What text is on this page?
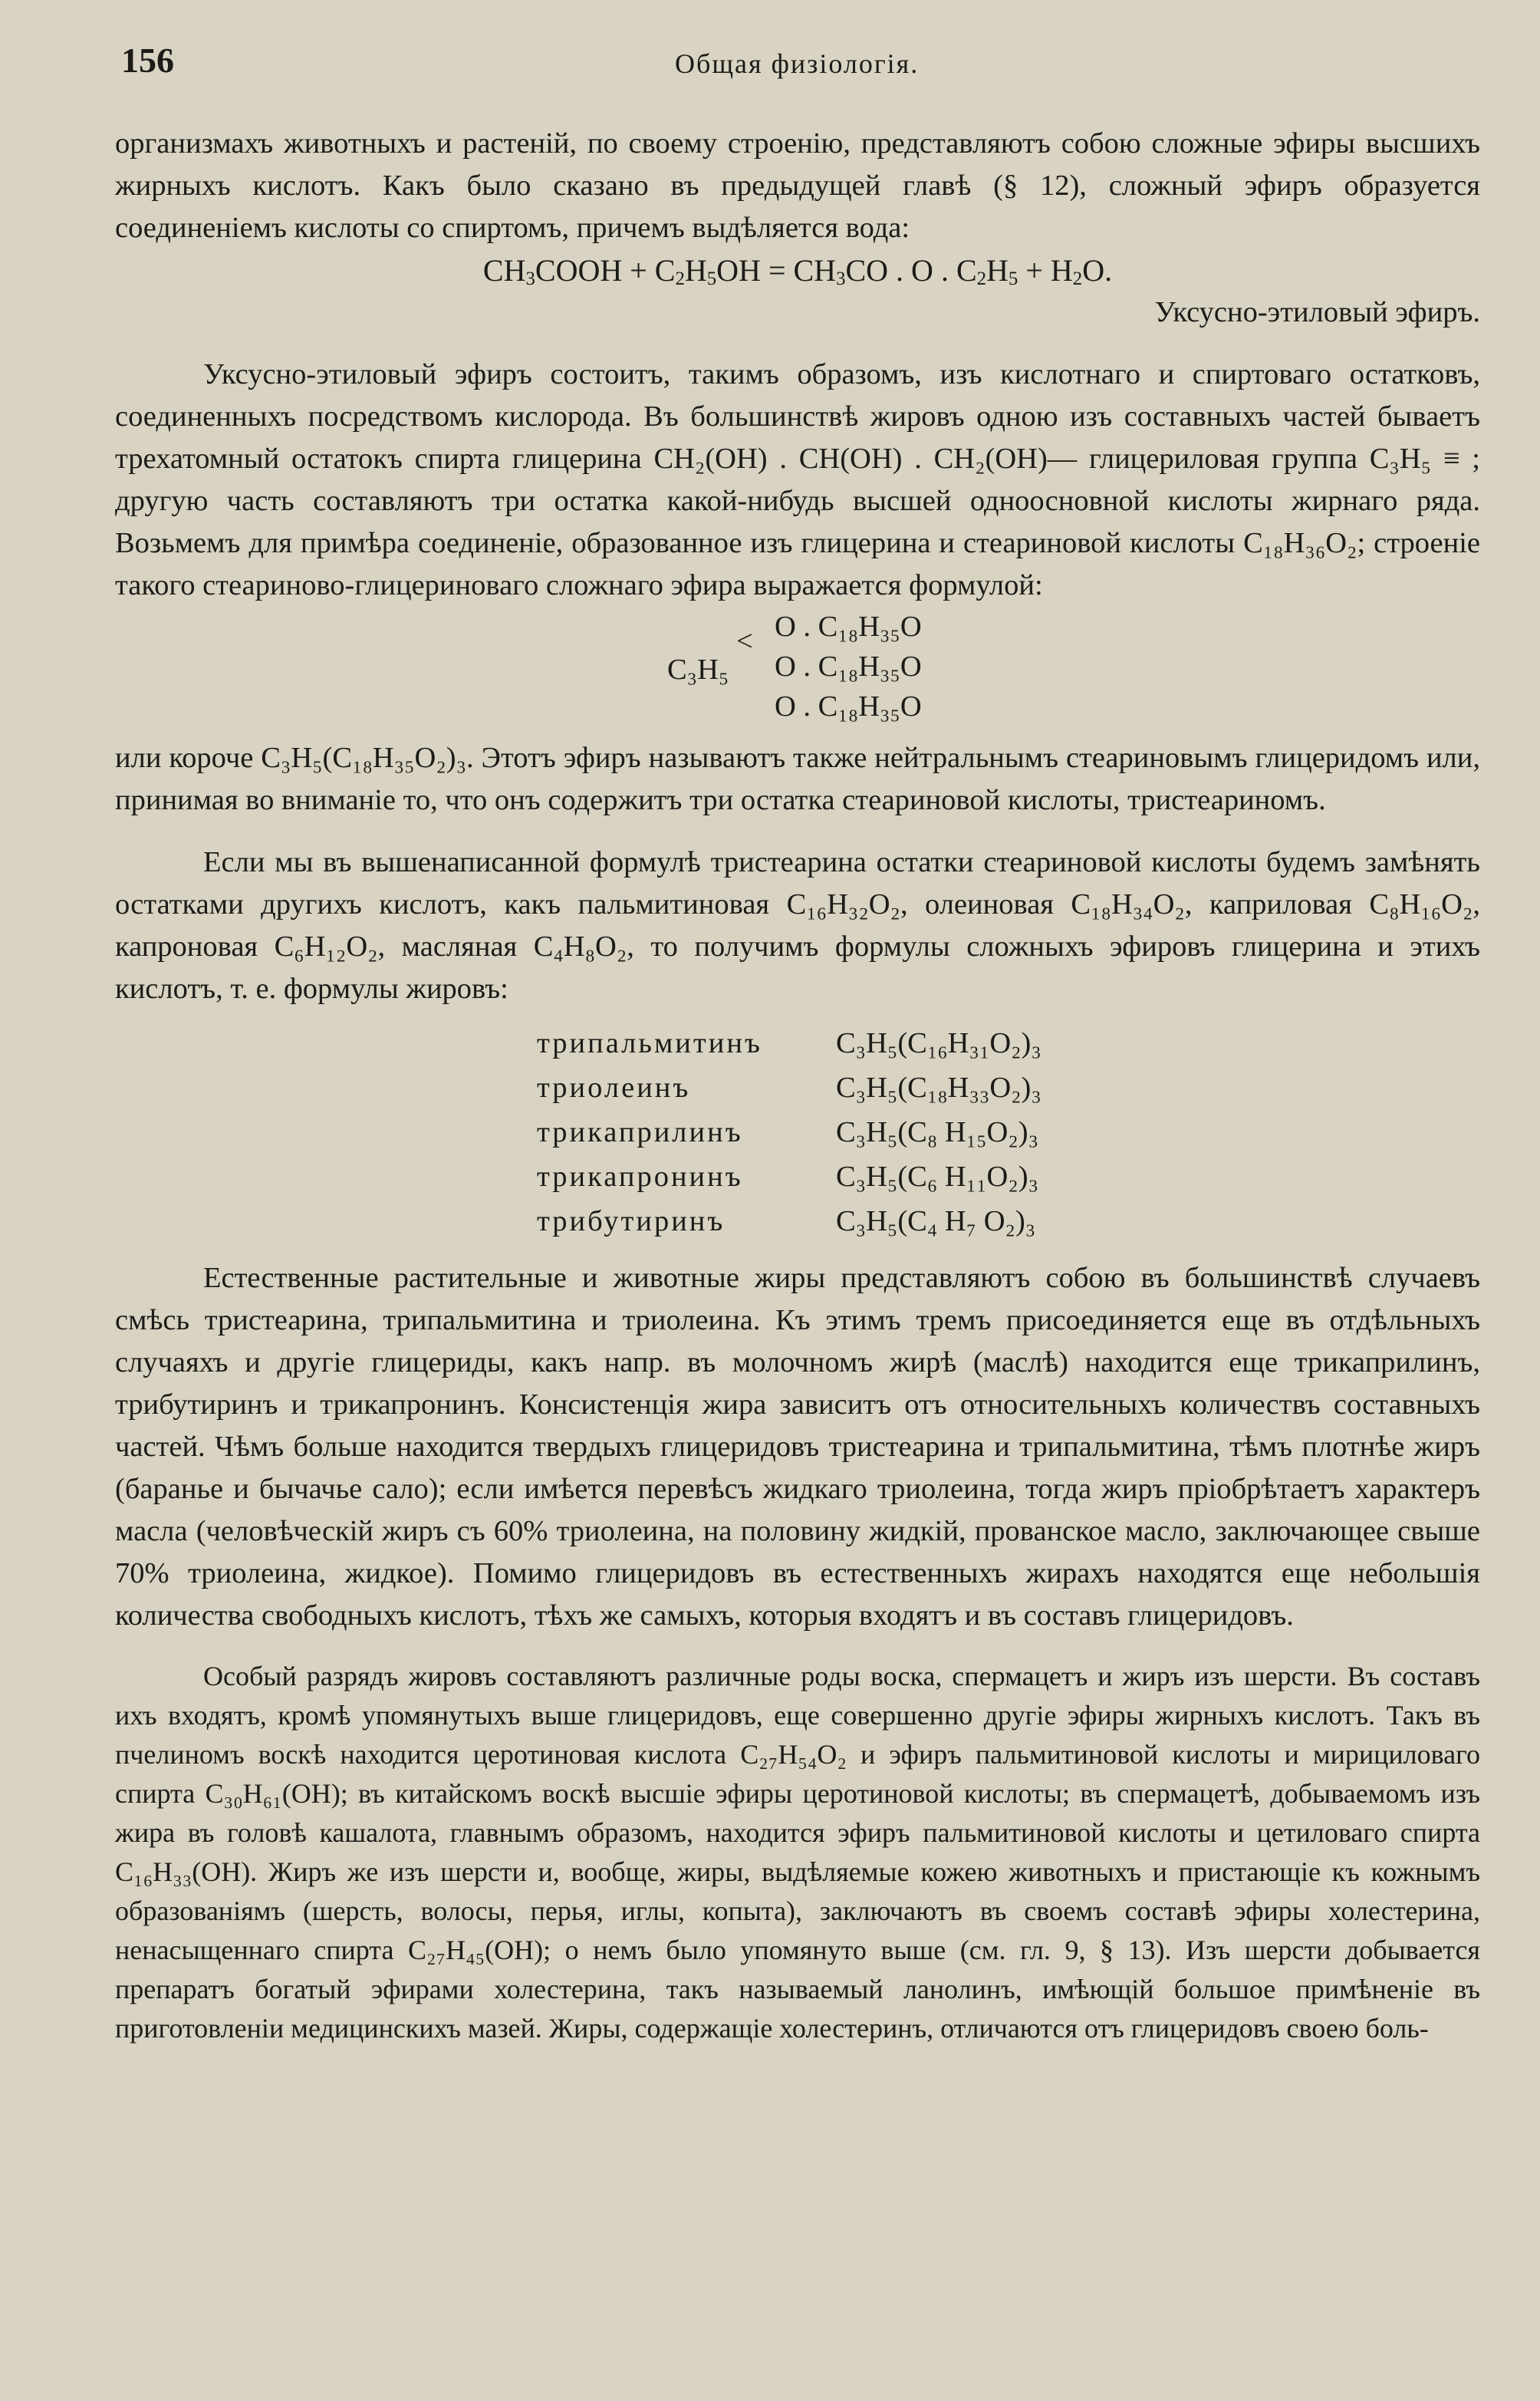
156	Общая физіологія.

организмахъ животныхъ и растеній, по своему строенію, представляютъ собою сложные эфиры высшихъ жирныхъ кислотъ. Какъ было сказано въ предыдущей главѣ (§ 12), сложный эфиръ образуется соединеніемъ кислоты со спиртомъ, причемъ выдѣляется вода:

$CH_3COOH + C_2H_5OH = CH_3CO$ . O . $C_2H_5 + H_2O$.

Уксусно-этиловый эфиръ.

Уксусно-этиловый эфиръ состоитъ, такимъ образомъ, изъ кислотнаго и спиртоваго остатковъ, соединенныхъ посредствомъ кислорода. Въ большинствѣ жировъ одною изъ составныхъ частей бываетъ трехатомный остатокъ спирта глицерина CH₂(OH) . CH(OH) . CH₂(OH)— глицериловая группа C₃H₅ ≡ ; другую часть составляютъ три остатка какой-нибудь высшей одноосновной кислоты жирнаго ряда. Возьмемъ для примѣра соединеніе, образованное изъ глицерина и стеариновой кислоты C₁₈H₃₆O₂; строеніе такого стеариново-глицериноваго сложнаго эфира выражается формулой:

C₃H₅
< O . C₁₈H₃₅O
O . C₁₈H₃₅O
O . C₁₈H₃₅O

или короче C₃H₅(C₁₈H₃₅O₂)₃. Этотъ эфиръ называютъ также нейтральнымъ стеариновымъ глицеридомъ или, принимая во вниманіе то, что онъ содержитъ три остатка стеариновой кислоты, тристеариномъ.

Если мы въ вышенаписанной формулѣ тристеарина остатки стеариновой кислоты будемъ замѣнять остатками другихъ кислотъ, какъ пальмитиновая C₁₆H₃₂O₂, олеиновая C₁₈H₃₄O₂, каприловая C₈H₁₆O₂, капроновая C₆H₁₂O₂, масляная C₄H₈O₂, то получимъ формулы сложныхъ эфировъ глицерина и этихъ кислотъ, т. е. формулы жировъ:

трипальмитинъ	C₃H₅(C₁₆H₃₁O₂)₃
триолеинъ	C₃H₅(C₁₈H₃₃O₂)₃
трикаприлинъ	C₃H₅(C₈ H₁₅O₂)₃
трикапронинъ	C₃H₅(C₆ H₁₁O₂)₃
трибутиринъ	C₃H₅(C₄ H₇ O₂)₃

Естественные растительные и животные жиры представляютъ собою въ большинствѣ случаевъ смѣсь тристеарина, трипальмитина и триолеина. Къ этимъ тремъ присоединяется еще въ отдѣльныхъ случаяхъ и другіе глицериды, какъ напр. въ молочномъ жирѣ (маслѣ) находится еще трикаприлинъ, трибутиринъ и трикапронинъ. Консистенція жира зависитъ отъ относительныхъ количествъ составныхъ частей. Чѣмъ больше находится твердыхъ глицеридовъ тристеарина и трипальмитина, тѣмъ плотнѣе жиръ (баранье и бычачье сало); если имѣется перевѣсъ жидкаго триолеина, тогда жиръ пріобрѣтаетъ характеръ масла (человѣческій жиръ съ 60% триолеина, на половину жидкій, прованское масло, заключающее свыше 70% триолеина, жидкое). Помимо глицеридовъ въ естественныхъ жирахъ находятся еще небольшія количества свободныхъ кислотъ, тѣхъ же самыхъ, которыя входятъ и въ составъ глицеридовъ.

Особый разрядъ жировъ составляютъ различные роды воска, спермацетъ и жиръ изъ шерсти. Въ составъ ихъ входятъ, кромѣ упомянутыхъ выше глицеридовъ, еще совершенно другіе эфиры жирныхъ кислотъ. Такъ въ пчелиномъ воскѣ находится церотиновая кислота C₂₇H₅₄O₂ и эфиръ пальмитиновой кислоты и мирициловаго спирта C₃₀H₆₁(OH); въ китайскомъ воскѣ высшіе эфиры церотиновой кислоты; въ спермацетѣ, добываемомъ изъ жира въ головѣ кашалота, главнымъ образомъ, находится эфиръ пальмитиновой кислоты и цетиловаго спирта C₁₆H₃₃(OH). Жиръ же изъ шерсти и, вообще, жиры, выдѣляемые кожею животныхъ и пристающіе къ кожнымъ образованіямъ (шерсть, волосы, перья, иглы, копыта), заключаютъ въ своемъ составѣ эфиры холестерина, ненасыщеннаго спирта C₂₇H₄₅(OH); о немъ было упомянуто выше (см. гл. 9, § 13). Изъ шерсти добывается препаратъ богатый эфирами холестерина, такъ называемый ланолинъ, имѣющій большое примѣненіе въ приготовленіи медицинскихъ мазей. Жиры, содержащіе холестеринъ, отличаются отъ глицеридовъ своею боль-
